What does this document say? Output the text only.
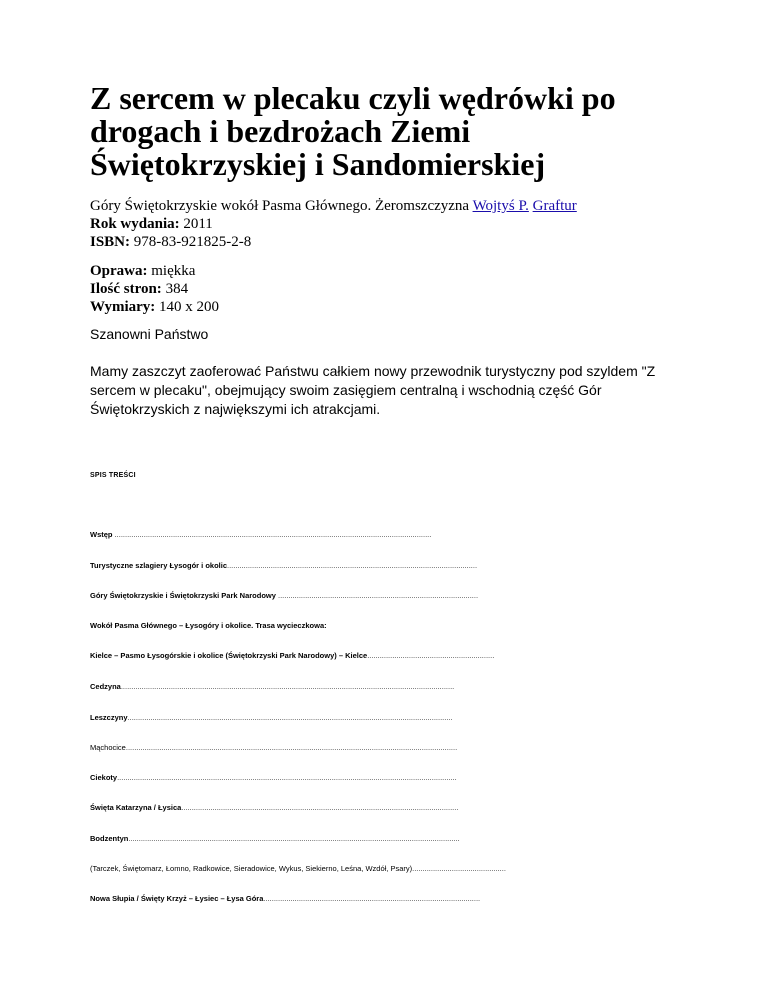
Z sercem w plecaku czyli wędrówki po drogach i bezdrożach Ziemi Świętokrzyskiej i Sandomierskiej
Góry Świętokrzyskie wokół Pasma Głównego. Żeromszczyzna Wojtyś P. Graftur
Rok wydania: 2011
ISBN: 978-83-921825-2-8
Oprawa: miękka
Ilość stron: 384
Wymiary: 140 x 200
Szanowni Państwo
Mamy zaszczyt zaoferować Państwu całkiem nowy przewodnik turystyczny pod szyldem "Z sercem w plecaku", obejmujący swoim zasięgiem centralną i wschodnią część Gór Świętokrzyskich z największymi ich atrakcjami.
SPIS TREŚCI
Wstęp ........................................................................................................................................................
Turystyczne szlagiery Łysogór i okolic........................................................................................................................
Góry Świętokrzyskie i Świętokrzyski Park Narodowy ................................................................................................
Wokół Pasma Głównego – Łysogóry i okolice. Trasa wycieczkowa:
Kielce – Pasmo Łysogórskie i okolice (Świętokrzyski Park Narodowy) – Kielce.............................................................
Cedzyna................................................................................................................................................................
Leszczyny............................................................................................................................................................
Mąchocice...............................................................................................................................................................
Ciekoty...................................................................................................................................................................
Święta Katarzyna / Łysica.....................................................................................................................................
Bodzentyn...............................................................................................................................................................
(Tarczek, Świętomarz, Łomno, Radkowice, Sieradowice, Wykus, Siekierno, Leśna, Wzdół, Psary).............................................
Nowa Słupia / Święty Krzyż – Łysiec – Łysa Góra........................................................................................................
